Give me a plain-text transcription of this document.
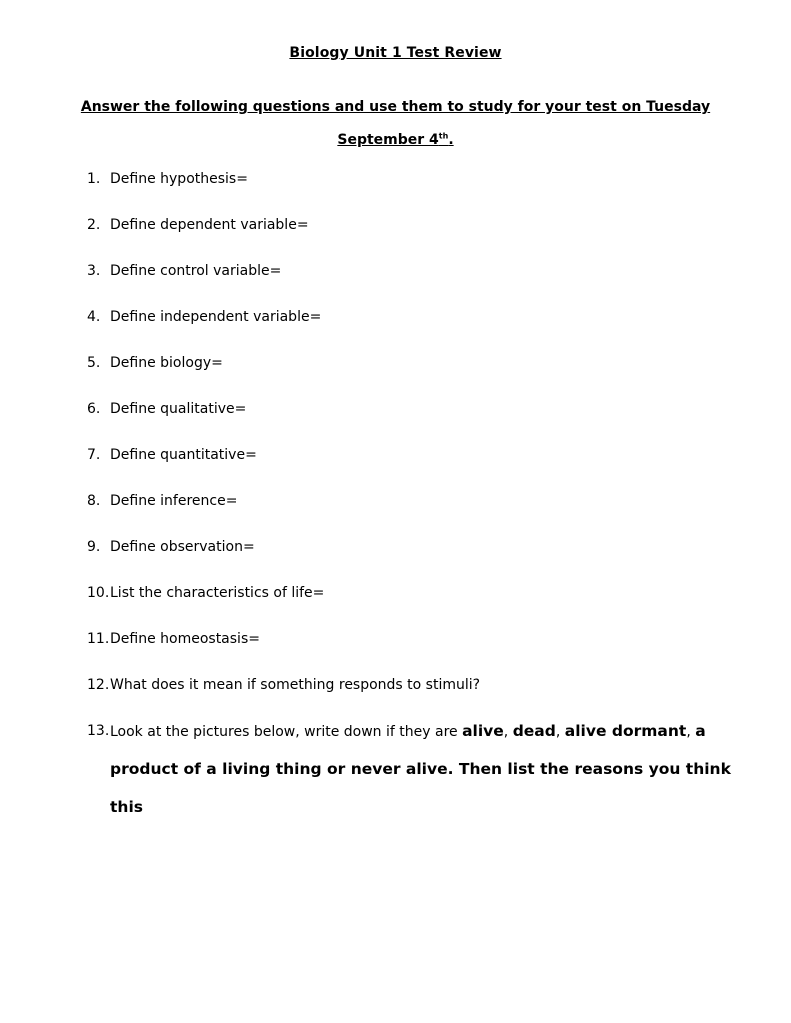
Biology Unit 1 Test Review
Answer the following questions and use them to study for your test on Tuesday September 4th.
1. Define hypothesis=
2. Define dependent variable=
3. Define control variable=
4. Define independent variable=
5. Define biology=
6. Define qualitative=
7. Define quantitative=
8. Define inference=
9. Define observation=
10. List the characteristics of life=
11. Define homeostasis=
12. What does it mean if something responds to stimuli?
13. Look at the pictures below, write down if they are alive, dead, alive dormant, a product of a living thing or never alive. Then list the reasons you think this
